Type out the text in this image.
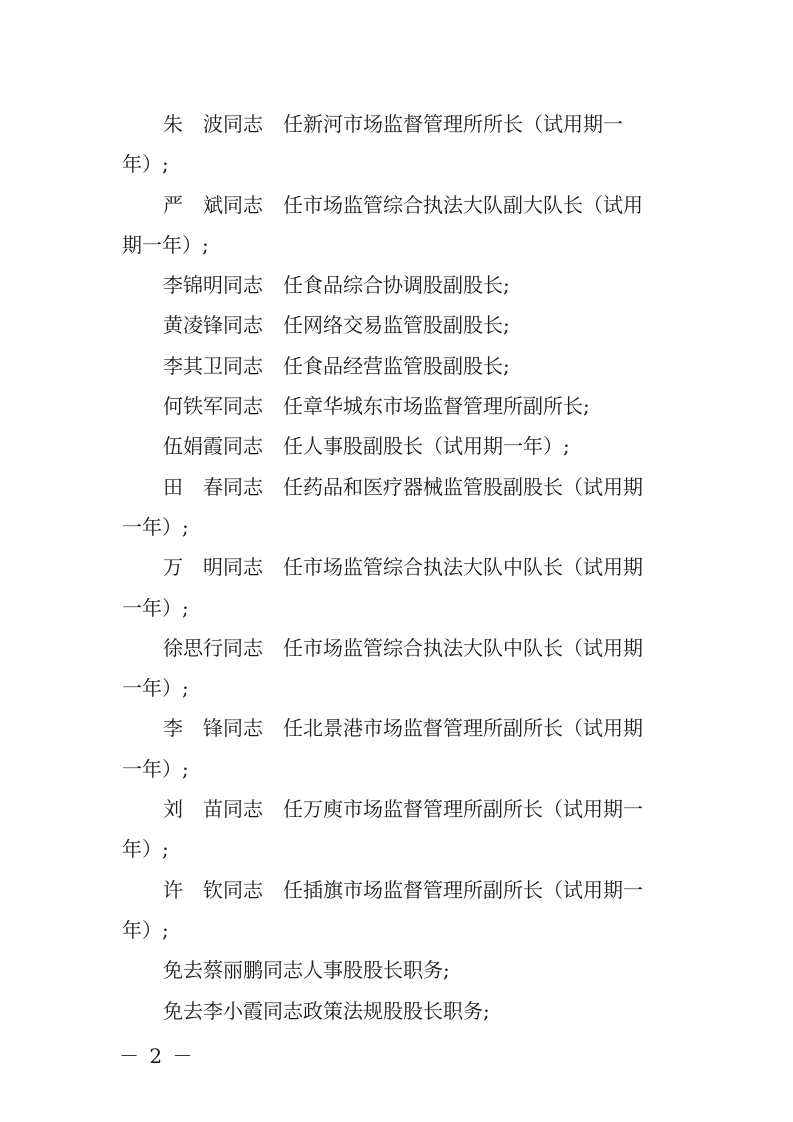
朱　波同志　任新河市场监督管理所所长（试用期一
年）;

严　斌同志　任市场监管综合执法大队副大队长（试用
期一年）;

李锦明同志　任食品综合协调股副股长;

黄凌锋同志　任网络交易监管股副股长;

李其卫同志　任食品经营监管股副股长;

何铁军同志　任章华城东市场监督管理所副所长;

伍娟霞同志　任人事股副股长（试用期一年）;

田　春同志　任药品和医疗器械监管股副股长（试用期
一年）;

万　明同志　任市场监管综合执法大队中队长（试用期
一年）;

徐思行同志　任市场监管综合执法大队中队长（试用期
一年）;

李　锋同志　任北景港市场监督管理所副所长（试用期
一年）;

刘　苗同志　任万庾市场监督管理所副所长（试用期一
年）;

许　钦同志　任插旗市场监督管理所副所长（试用期一
年）;

免去蔡丽鹏同志人事股股长职务;

免去李小霞同志政策法规股股长职务;

－ 2 －
